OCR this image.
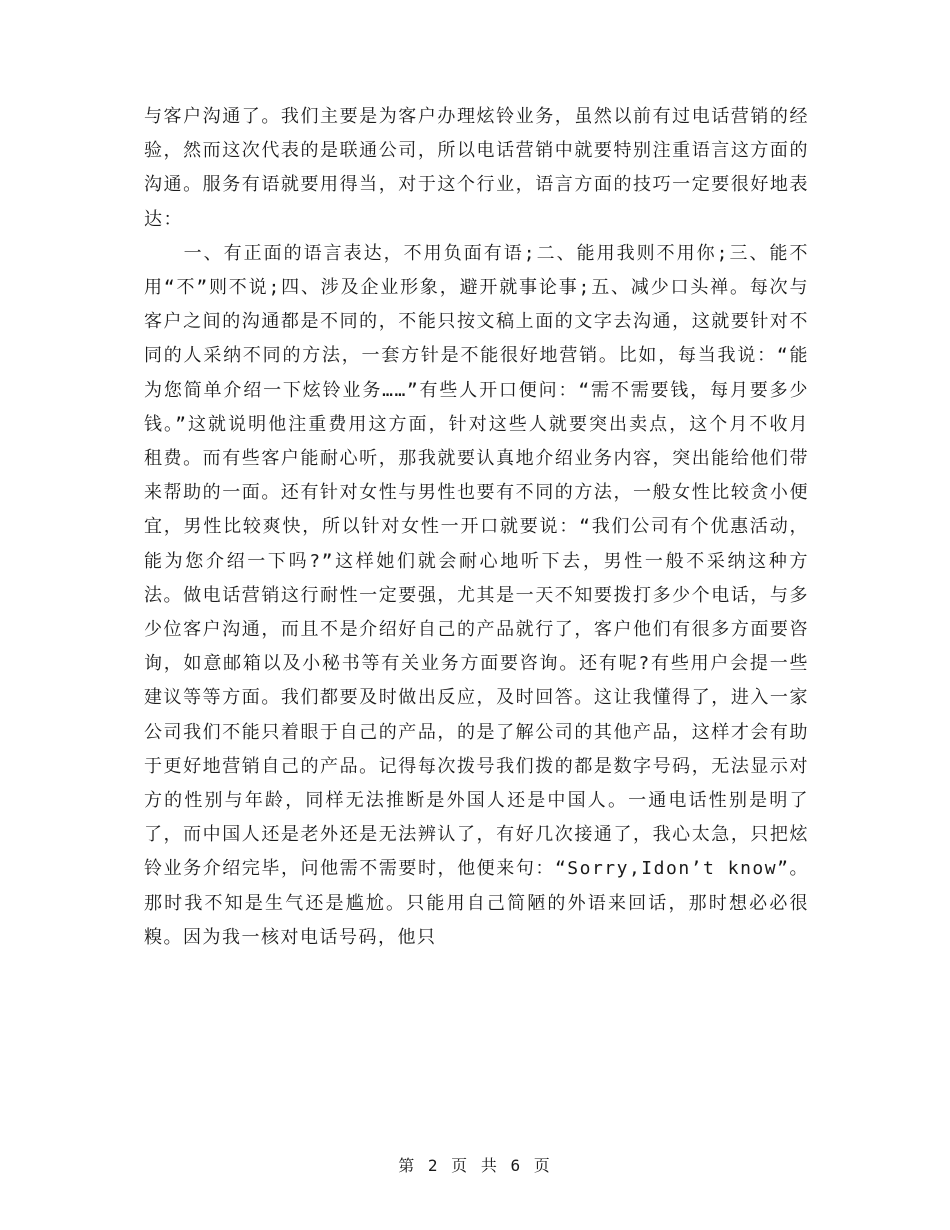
与客户沟通了。我们主要是为客户办理炫铃业务，虽然以前有过电话营销的经验，然而这次代表的是联通公司，所以电话营销中就要特别注重语言这方面的沟通。服务有语就要用得当，对于这个行业，语言方面的技巧一定要很好地表达：

一、有正面的语言表达，不用负面有语;二、能用我则不用你;三、能不用“不”则不说;四、涉及企业形象，避开就事论事;五、减少口头禅。每次与客户之间的沟通都是不同的，不能只按文稿上面的文字去沟通，这就要针对不同的人采纳不同的方法，一套方针是不能很好地营销。比如，每当我说：“能为您简单介绍一下炫铃业务……”有些人开口便问：“需不需要钱，每月要多少钱。”这就说明他注重费用这方面，针对这些人就要突出卖点，这个月不收月租费。而有些客户能耐心听，那我就要认真地介绍业务内容，突出能给他们带来帮助的一面。还有针对女性与男性也要有不同的方法，一般女性比较贪小便宜，男性比较爽快，所以针对女性一开口就要说：“我们公司有个优惠活动，能为您介绍一下吗?”这样她们就会耐心地听下去，男性一般不采纳这种方法。做电话营销这行耐性一定要强，尤其是一天不知要拨打多少个电话，与多少位客户沟通，而且不是介绍好自己的产品就行了，客户他们有很多方面要咨询，如意邮箱以及小秘书等有关业务方面要咨询。还有呢?有些用户会提一些建议等等方面。我们都要及时做出反应，及时回答。这让我懂得了，进入一家公司我们不能只着眼于自己的产品，的是了解公司的其他产品，这样才会有助于更好地营销自己的产品。记得每次拨号我们拨的都是数字号码，无法显示对方的性别与年龄，同样无法推断是外国人还是中国人。一通电话性别是明了了，而中国人还是老外还是无法辨认了，有好几次接通了，我心太急，只把炫铃业务介绍完毕，问他需不需要时，他便来句：“Sorry,Idon’t know”。那时我不知是生气还是尴尬。只能用自己简陋的外语来回话，那时想必必很糗。因为我一核对电话号码，他只

第 2 页 共 6 页
